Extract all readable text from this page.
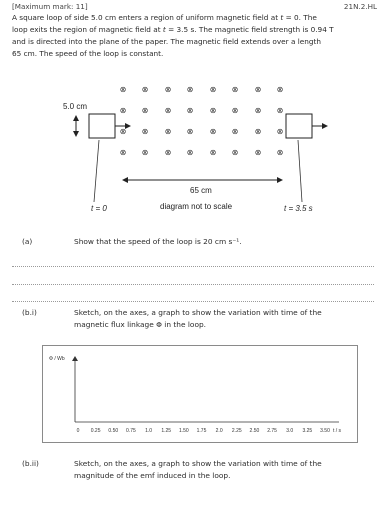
[Maximum mark: 11]	21N.2.HL
A square loop of side 5.0 cm enters a region of uniform magnetic field at t = 0. The
loop exits the region of magnetic field at t = 3.5 s. The magnetic field strength is 0.94 T
and is directed into the plane of the paper. The magnetic field extends over a length
65 cm. The speed of the loop is constant.
⊗ ⊗ ⊗ ⊗ ⊗ ⊗ ⊗ ⊗
⊗ ⊗ ⊗ ⊗ ⊗ ⊗ ⊗ ⊗
⊗ ⊗ ⊗ ⊗ ⊗ ⊗ ⊗ ⊗
⊗ ⊗ ⊗ ⊗ ⊗ ⊗ ⊗ ⊗
5.0 cm
65 cm
t = 0	t = 3.5 s
diagram not to scale
(a)	Show that the speed of the loop is 20 cm s⁻¹.
(b.i)	Sketch, on the axes, a graph to show the variation with time of the
magnetic flux linkage Φ in the loop.
Φ / Wb
0 0.25 0.50 0.75 1.0 1.25 1.50 1.75 2.0 2.25 2.50 2.75 3.0 3.25 3.50 t / s
(b.ii)	Sketch, on the axes, a graph to show the variation with time of the
magnitude of the emf induced in the loop.
